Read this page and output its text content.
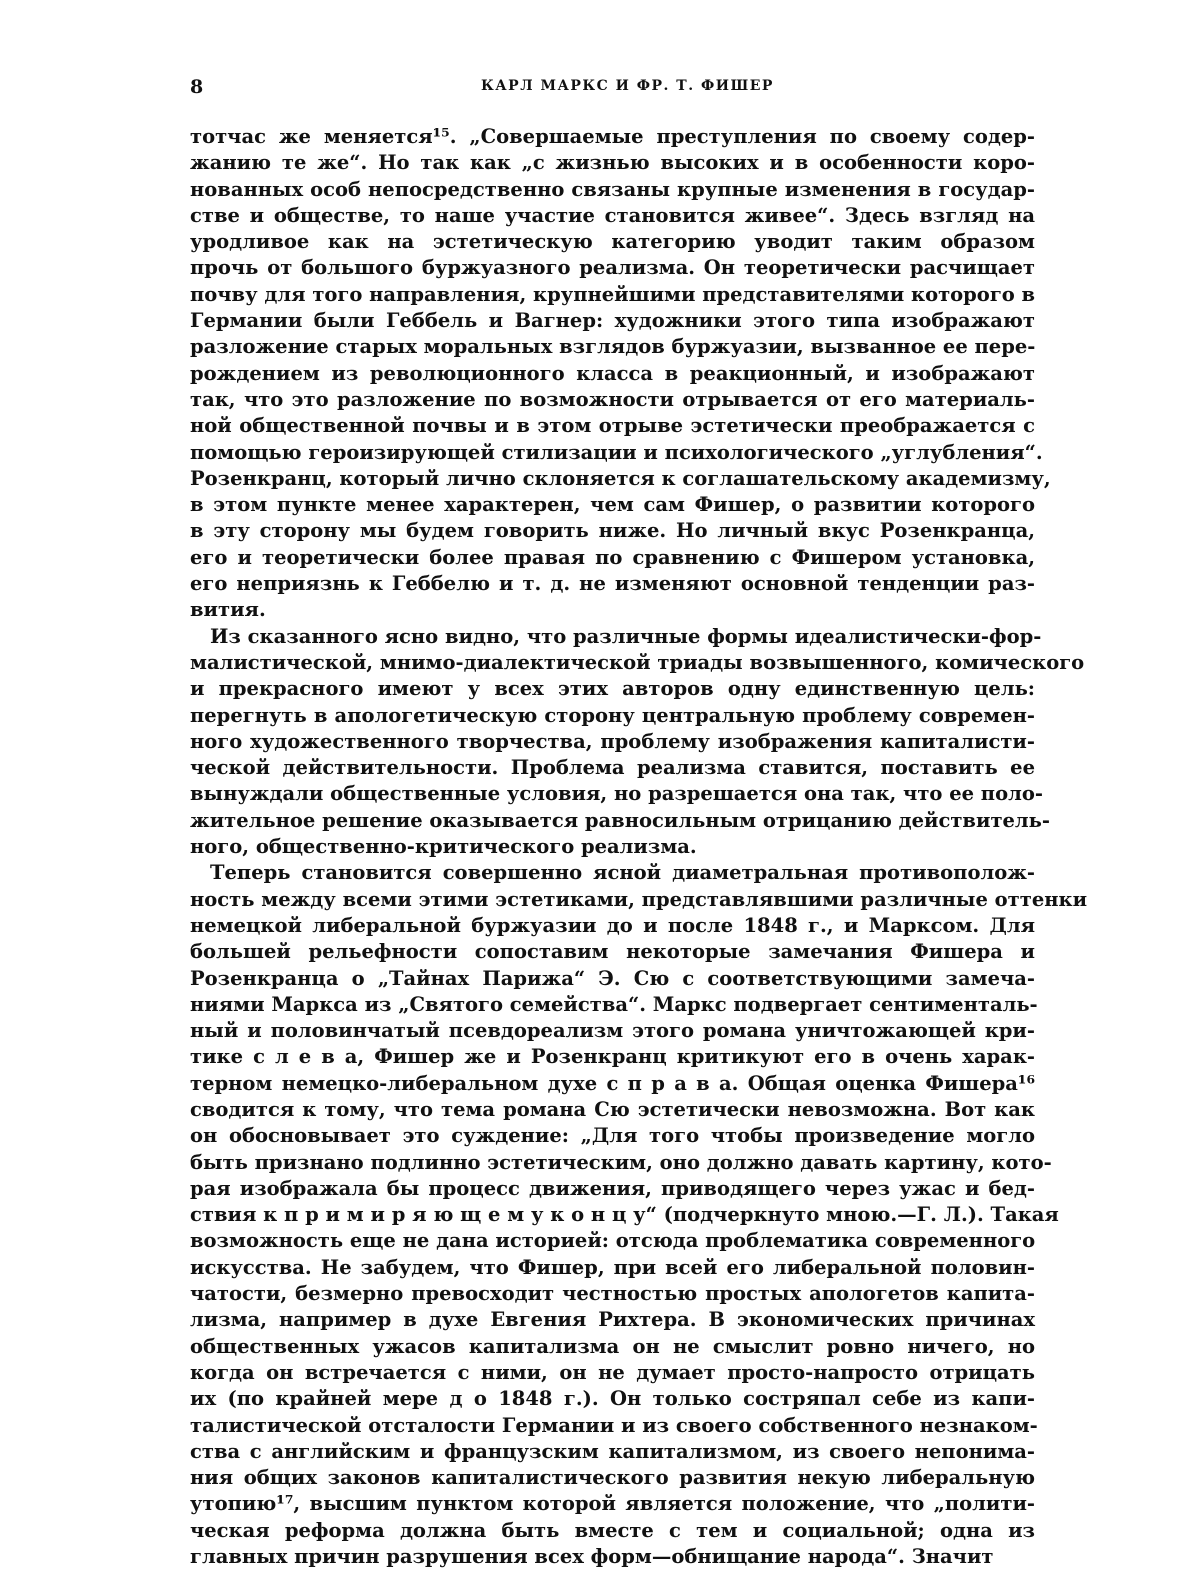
8	КАРЛ МАРКС И ФР. Т. ФИШЕР
тотчас же меняется¹⁵. „Совершаемые преступления по своему содер-
жанию те же“. Но так как „с жизнью высоких и в особенности коро-
нованных особ непосредственно связаны крупные изменения в государ-
стве и обществе, то наше участие становится живее“. Здесь взгляд на
уродливое как на эстетическую категорию уводит таким образом
прочь от большого буржуазного реализма. Он теоретически расчищает
почву для того направления, крупнейшими представителями которого в
Германии были Геббель и Вагнер: художники этого типа изображают
разложение старых моральных взглядов буржуазии, вызванное ее пере-
рождением из революционного класса в реакционный, и изображают
так, что это разложение по возможности отрывается от его материаль-
ной общественной почвы и в этом отрыве эстетически преображается с
помощью героизирующей стилизации и психологического „углубления“.
Розенкранц, который лично склоняется к соглашательскому академизму,
в этом пункте менее характерен, чем сам Фишер, о развитии которого
в эту сторону мы будем говорить ниже. Но личный вкус Розенкранца,
его и теоретически более правая по сравнению с Фишером установка,
его неприязнь к Геббелю и т. д. не изменяют основной тенденции раз-
вития.
Из сказанного ясно видно, что различные формы идеалистически-фор-
малистической, мнимо-диалектической триады возвышенного, комического
и прекрасного имеют у всех этих авторов одну единственную цель:
перегнуть в апологетическую сторону центральную проблему современ-
ного художественного творчества, проблему изображения капиталисти-
ческой действительности. Проблема реализма ставится, поставить ее
вынуждали общественные условия, но разрешается она так, что ее поло-
жительное решение оказывается равносильным отрицанию действитель-
ного, общественно-критического реализма.
Теперь становится совершенно ясной диаметральная противополож-
ность между всеми этими эстетиками, представлявшими различные оттенки
немецкой либеральной буржуазии до и после 1848 г., и Марксом. Для
большей рельефности сопоставим некоторые замечания Фишера и
Розенкранца о „Тайнах Парижа“ Э. Сю с соответствующими замеча-
ниями Маркса из „Святого семейства“. Маркс подвергает сентименталь-
ный и половинчатый псевдореализм этого романа уничтожающей кри-
тике с л е в а, Фишер же и Розенкранц критикуют его в очень харак-
терном немецко-либеральном духе с п р а в а. Общая оценка Фишера¹⁶
сводится к тому, что тема романа Сю эстетически невозможна. Вот как
он обосновывает это суждение: „Для того чтобы произведение могло
быть признано подлинно эстетическим, оно должно давать картину, кото-
рая изображала бы процесс движения, приводящего через ужас и бед-
ствия к п р и м и р я ю щ е м у к о н ц у“ (подчеркнуто мною.—Г. Л.). Такая
возможность еще не дана историей: отсюда проблематика современного
искусства. Не забудем, что Фишер, при всей его либеральной половин-
чатости, безмерно превосходит честностью простых апологетов капита-
лизма, например в духе Евгения Рихтера. В экономических причинах
общественных ужасов капитализма он не смыслит ровно ничего, но
когда он встречается с ними, он не думает просто-напросто отрицать
их (по крайней мере д о 1848 г.). Он только состряпал себе из капи-
талистической отсталости Германии и из своего собственного незнаком-
ства с английским и французским капитализмом, из своего непонима-
ния общих законов капиталистического развития некую либеральную
утопию¹⁷, высшим пунктом которой является положение, что „полити-
ческая реформа должна быть вместе с тем и социальной; одна из
главных причин разрушения всех форм—обнищание народа“. Значит
